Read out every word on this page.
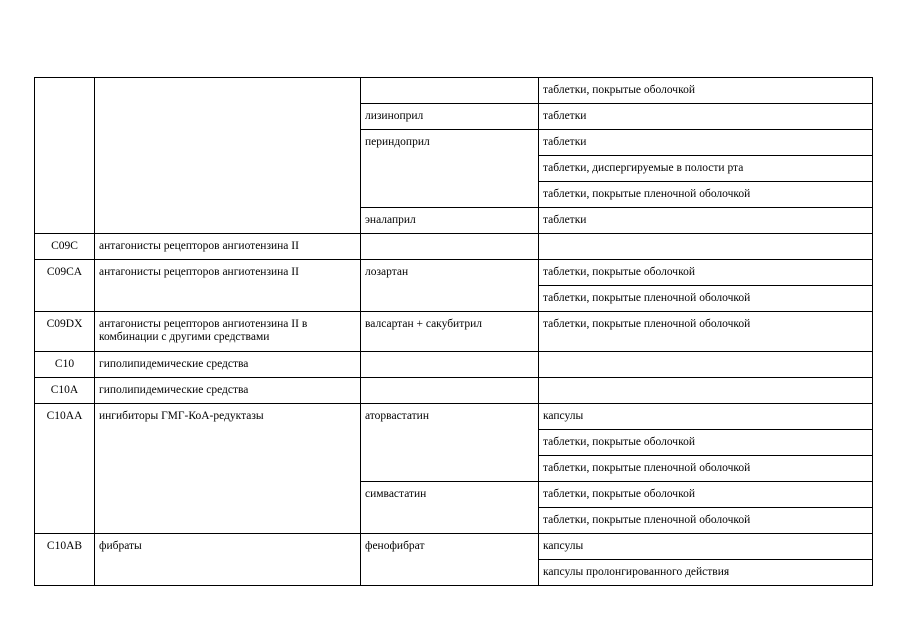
			таблетки, покрытые оболочкой
		лизиноприл	таблетки
		периндоприл	таблетки
			таблетки, диспергируемые в полости рта
			таблетки, покрытые пленочной оболочкой
		эналаприл	таблетки
C09C	антагонисты рецепторов ангиотензина II		
C09CA	антагонисты рецепторов ангиотензина II	лозартан	таблетки, покрытые оболочкой
			таблетки, покрытые пленочной оболочкой
C09DX	антагонисты рецепторов ангиотензина II в комбинации с другими средствами	валсартан + сакубитрил	таблетки, покрытые пленочной оболочкой
C10	гиполипидемические средства		
C10A	гиполипидемические средства		
C10AA	ингибиторы ГМГ-КоА-редуктазы	аторвастатин	капсулы
			таблетки, покрытые оболочкой
			таблетки, покрытые пленочной оболочкой
		симвастатин	таблетки, покрытые оболочкой
			таблетки, покрытые пленочной оболочкой
C10AB	фибраты	фенофибрат	капсулы
			капсулы пролонгированного действия
